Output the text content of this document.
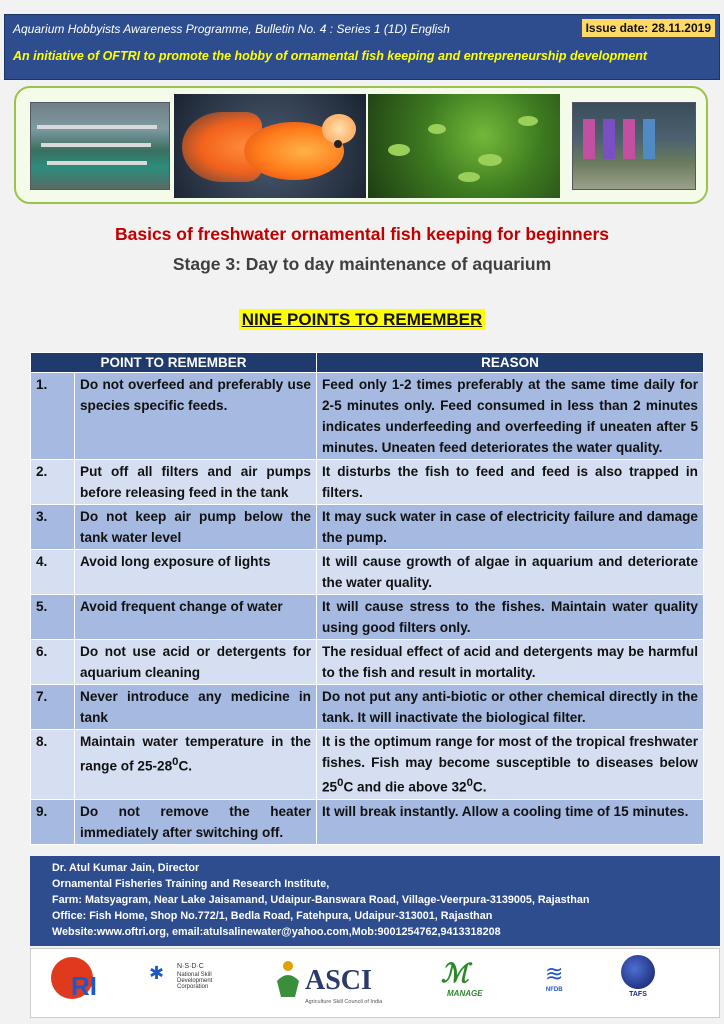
Aquarium Hobbyists Awareness Programme, Bulletin No. 4 : Series 1 (1D) English	Issue date: 28.11.2019
An initiative of OFTRI to promote the hobby of ornamental fish keeping and entrepreneurship development
Basics of freshwater ornamental fish keeping for beginners
Stage 3: Day to day maintenance of aquarium
NINE POINTS TO REMEMBER
POINT TO REMEMBER		REASON
1.	Do not overfeed and preferably use species specific feeds.	Feed only 1-2 times preferably at the same time daily for 2-5 minutes only. Feed consumed in less than 2 minutes indicates underfeeding and overfeeding if uneaten after 5 minutes. Uneaten feed deteriorates the water quality.
2.	Put off all filters and air pumps before releasing feed in the tank	It disturbs the fish to feed and feed is also trapped in filters.
3.	Do not keep air pump below the tank water level	It may suck water in case of electricity failure and damage the pump.
4.	Avoid long exposure of lights	It will cause growth of algae in aquarium and deteriorate the water quality.
5.	Avoid frequent change of water	It will cause stress to the fishes. Maintain water quality using good filters only.
6.	Do not use acid or detergents for aquarium cleaning	The residual effect of acid and detergents may be harmful to the fish and result in mortality.
7.	Never introduce any medicine in tank	Do not put any anti-biotic or other chemical directly in the tank. It will inactivate the biological filter.
8.	Maintain water temperature in the range of $25-28^0C$.	It is the optimum range for most of the tropical freshwater fishes. Fish may become susceptible to diseases below $25^0C$ and die above $32^0C$.
9.	Do not remove the heater immediately after switching off.	It will break instantly. Allow a cooling time of 15 minutes.
Dr. Atul Kumar Jain, Director
Ornamental Fisheries Training and Research Institute,
Farm: Matsyagram, Near Lake Jaisamand, Udaipur-Banswara Road, Village-Veerpura-3139005, Rajasthan
Office: Fish Home, Shop No.772/1, Bedla Road, Fatehpura, Udaipur-313001, Rajasthan
Website:www.oftri.org, email:atulsalinewater@yahoo.com,Mob:9001254762,9413318208
RI	✱ N·S·D·C
National Skill Development Corporation	ASCI
Agriculture Skill Council of India
ℳ
MANAGE
≋
NFDB
TAFS
